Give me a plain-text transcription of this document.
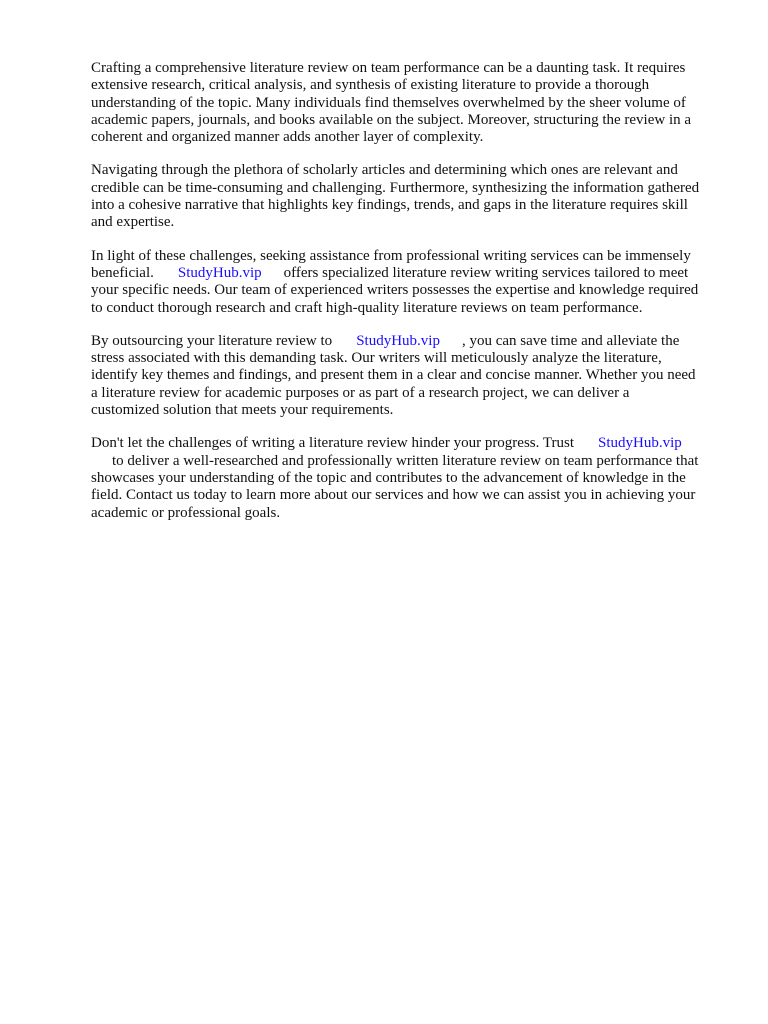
Crafting a comprehensive literature review on team performance can be a daunting task. It requires
extensive research, critical analysis, and synthesis of existing literature to provide a thorough
understanding of the topic. Many individuals find themselves overwhelmed by the sheer volume of
academic papers, journals, and books available on the subject. Moreover, structuring the review in a
coherent and organized manner adds another layer of complexity.

Navigating through the plethora of scholarly articles and determining which ones are relevant and
credible can be time-consuming and challenging. Furthermore, synthesizing the information gathered
into a cohesive narrative that highlights key findings, trends, and gaps in the literature requires skill
and expertise.

In light of these challenges, seeking assistance from professional writing services can be immensely
beneficial. StudyHub.vip offers specialized literature review writing services tailored to meet
your specific needs. Our team of experienced writers possesses the expertise and knowledge required
to conduct thorough research and craft high-quality literature reviews on team performance.

By outsourcing your literature review to StudyHub.vip , you can save time and alleviate the
stress associated with this demanding task. Our writers will meticulously analyze the literature,
identify key themes and findings, and present them in a clear and concise manner. Whether you need
a literature review for academic purposes or as part of a research project, we can deliver a
customized solution that meets your requirements.

Don't let the challenges of writing a literature review hinder your progress. Trust StudyHub.vip
to deliver a well-researched and professionally written literature review on team performance that
showcases your understanding of the topic and contributes to the advancement of knowledge in the
field. Contact us today to learn more about our services and how we can assist you in achieving your
academic or professional goals.
